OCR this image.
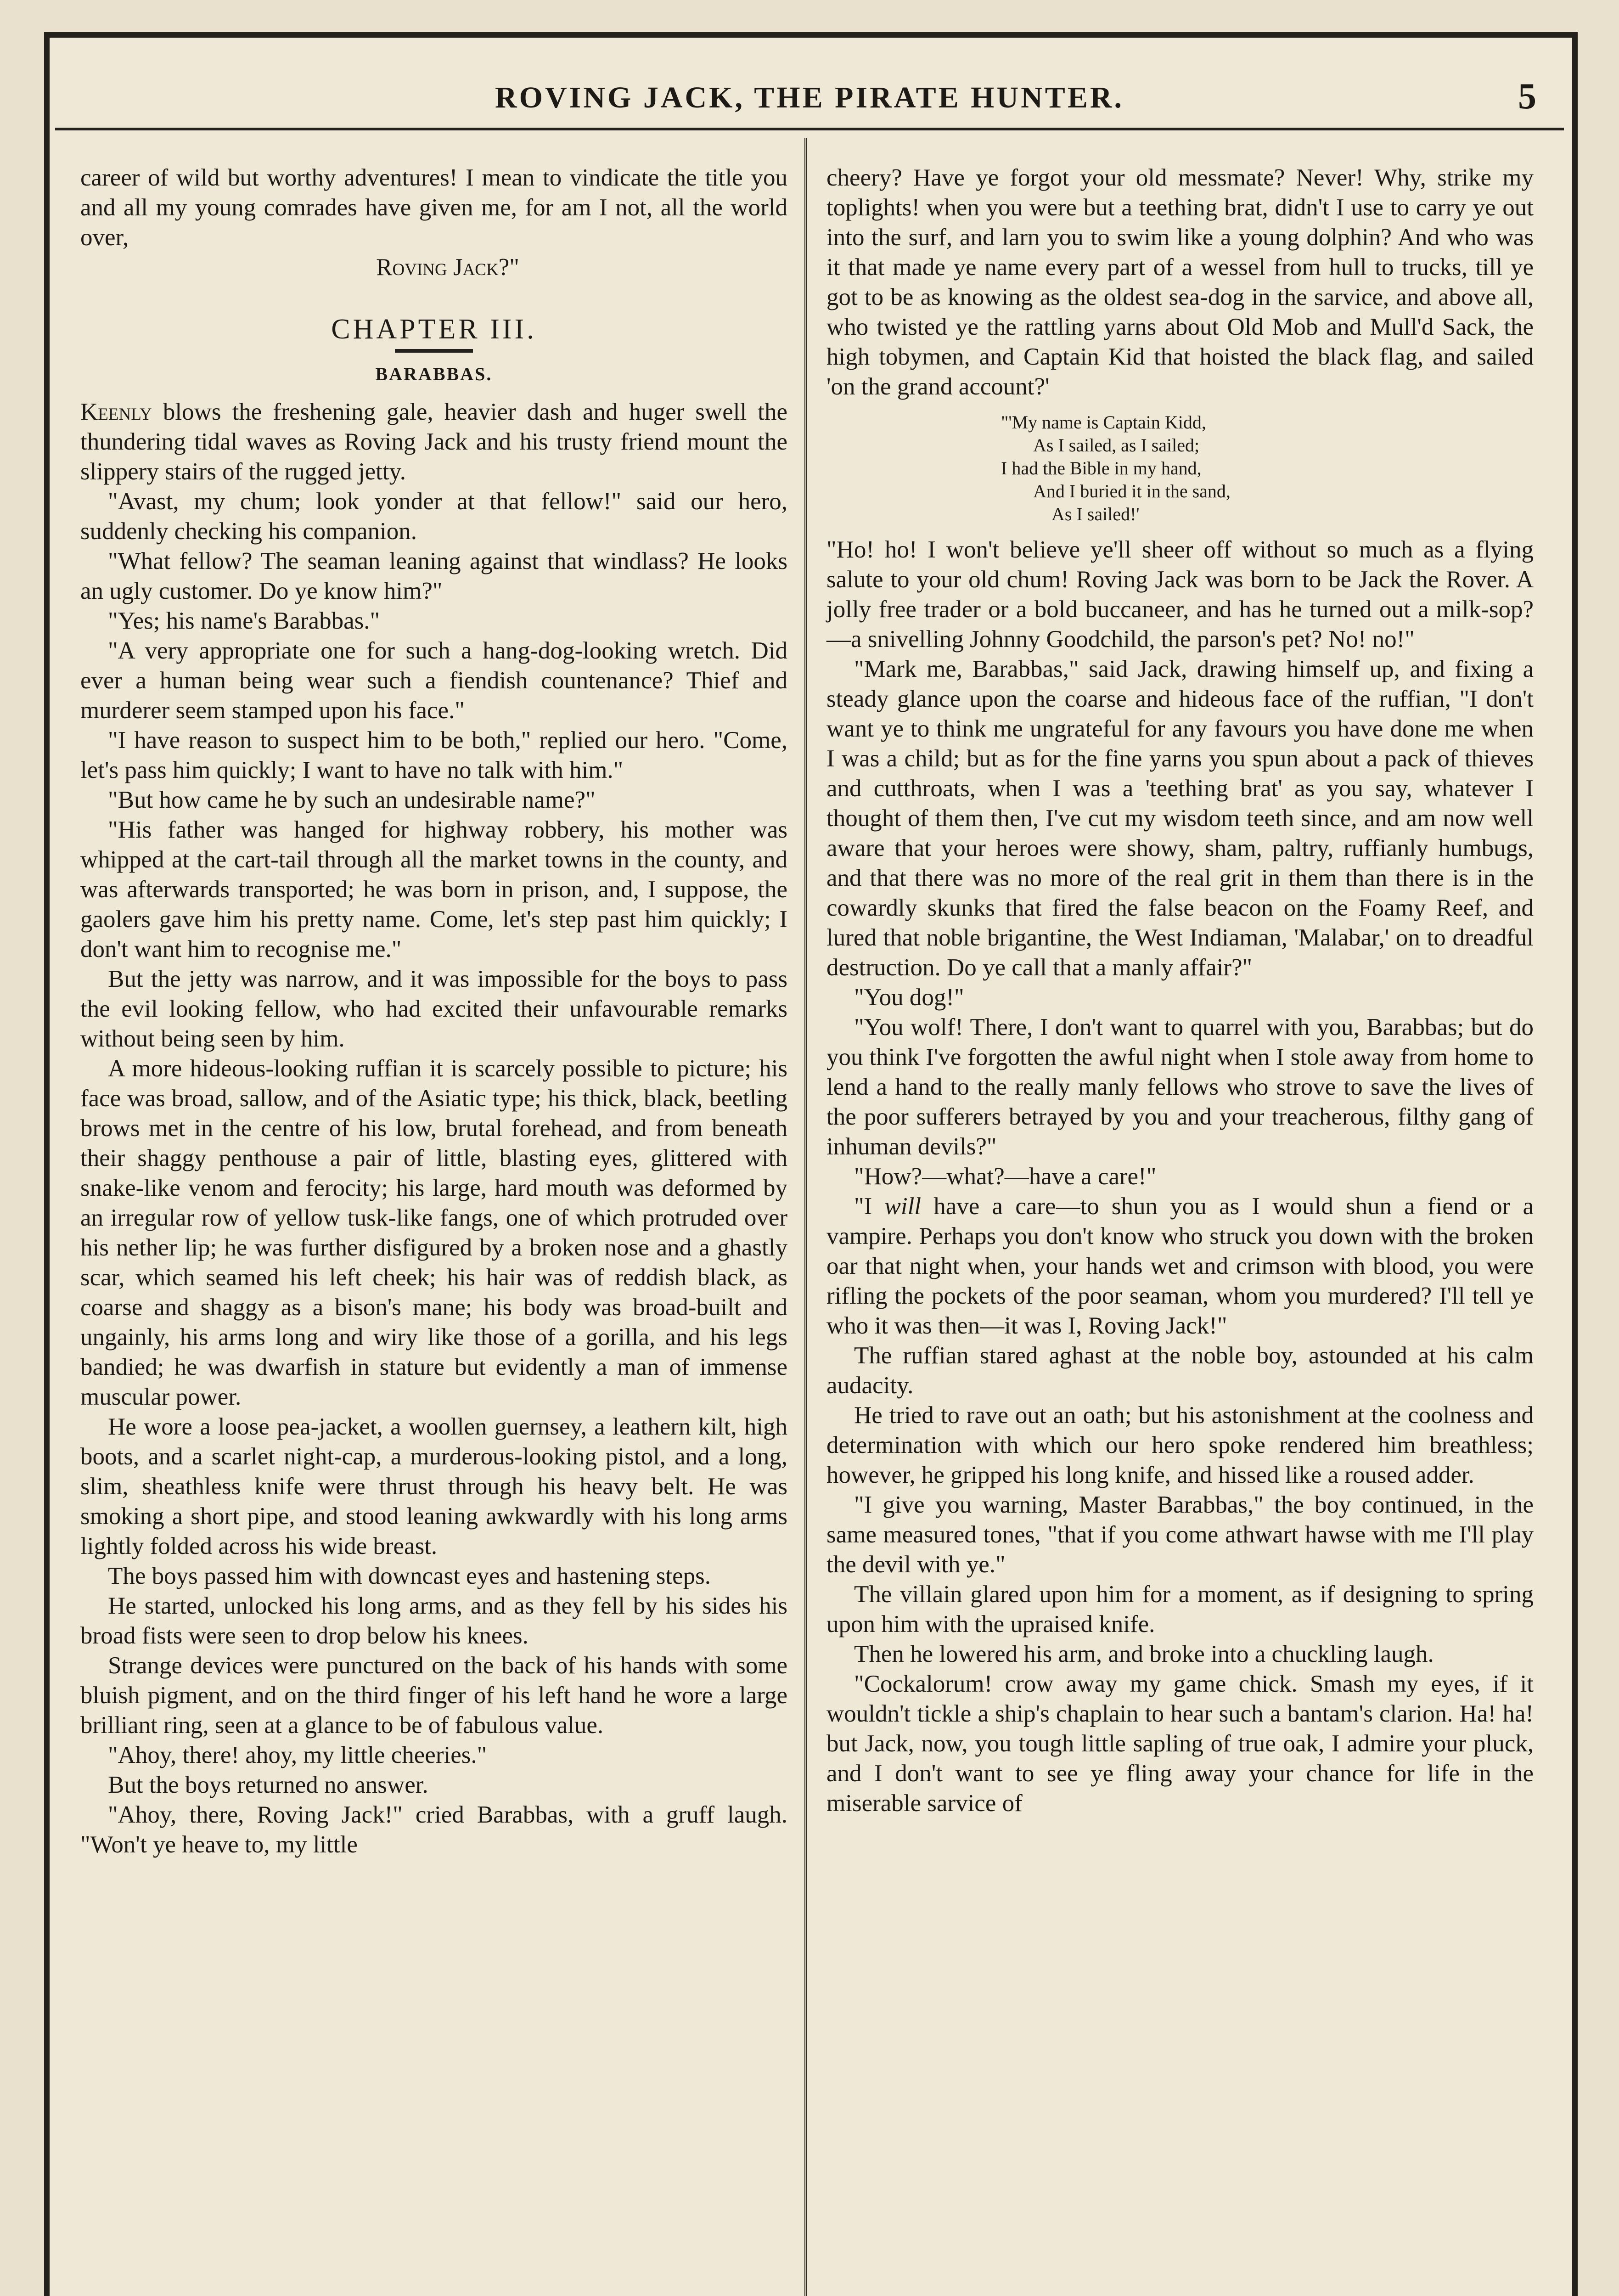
ROVING JACK, THE PIRATE HUNTER.	5

career of wild but worthy adventures! I mean to vindicate the title you and all my young comrades have given me, for am I not, all the world over,

Roving Jack?"

CHAPTER III.
BARABBAS.

Keenly blows the freshening gale, heavier dash and huger swell the thundering tidal waves as Roving Jack and his trusty friend mount the slippery stairs of the rugged jetty.

"Avast, my chum; look yonder at that fellow!" said our hero, suddenly checking his companion.

"What fellow? The seaman leaning against that windlass? He looks an ugly customer. Do ye know him?"

"Yes; his name's Barabbas."

"A very appropriate one for such a hang-dog-looking wretch. Did ever a human being wear such a fiendish countenance? Thief and murderer seem stamped upon his face."

"I have reason to suspect him to be both," replied our hero. "Come, let's pass him quickly; I want to have no talk with him."

"But how came he by such an undesirable name?"

"His father was hanged for highway robbery, his mother was whipped at the cart-tail through all the market towns in the county, and was afterwards transported; he was born in prison, and, I suppose, the gaolers gave him his pretty name. Come, let's step past him quickly; I don't want him to recognise me."

But the jetty was narrow, and it was impossible for the boys to pass the evil looking fellow, who had excited their unfavourable remarks without being seen by him.

A more hideous-looking ruffian it is scarcely possible to picture; his face was broad, sallow, and of the Asiatic type; his thick, black, beetling brows met in the centre of his low, brutal forehead, and from beneath their shaggy penthouse a pair of little, blasting eyes, glittered with snake-like venom and ferocity; his large, hard mouth was deformed by an irregular row of yellow tusk-like fangs, one of which protruded over his nether lip; he was further disfigured by a broken nose and a ghastly scar, which seamed his left cheek; his hair was of reddish black, as coarse and shaggy as a bison's mane; his body was broad-built and ungainly, his arms long and wiry like those of a gorilla, and his legs bandied; he was dwarfish in stature but evidently a man of immense muscular power.

He wore a loose pea-jacket, a woollen guernsey, a leathern kilt, high boots, and a scarlet night-cap, a murderous-looking pistol, and a long, slim, sheathless knife were thrust through his heavy belt. He was smoking a short pipe, and stood leaning awkwardly with his long arms lightly folded across his wide breast.

The boys passed him with downcast eyes and hastening steps.

He started, unlocked his long arms, and as they fell by his sides his broad fists were seen to drop below his knees.

Strange devices were punctured on the back of his hands with some bluish pigment, and on the third finger of his left hand he wore a large brilliant ring, seen at a glance to be of fabulous value.

"Ahoy, there! ahoy, my little cheeries."

But the boys returned no answer.

"Ahoy, there, Roving Jack!" cried Barabbas, with a gruff laugh. "Won't ye heave to, my little

cheery? Have ye forgot your old messmate? Never! Why, strike my toplights! when you were but a teething brat, didn't I use to carry ye out into the surf, and larn you to swim like a young dolphin? And who was it that made ye name every part of a wessel from hull to trucks, till ye got to be as knowing as the oldest sea-dog in the sarvice, and above all, who twisted ye the rattling yarns about Old Mob and Mull'd Sack, the high tobymen, and Captain Kid that hoisted the black flag, and sailed 'on the grand account?'

"'My name is Captain Kidd,
As I sailed, as I sailed;
I had the Bible in my hand,
And I buried it in the sand,
As I sailed!'

"Ho! ho! I won't believe ye'll sheer off without so much as a flying salute to your old chum! Roving Jack was born to be Jack the Rover. A jolly free trader or a bold buccaneer, and has he turned out a milk-sop?—a snivelling Johnny Goodchild, the parson's pet? No! no!"

"Mark me, Barabbas," said Jack, drawing himself up, and fixing a steady glance upon the coarse and hideous face of the ruffian, "I don't want ye to think me ungrateful for any favours you have done me when I was a child; but as for the fine yarns you spun about a pack of thieves and cutthroats, when I was a 'teething brat' as you say, whatever I thought of them then, I've cut my wisdom teeth since, and am now well aware that your heroes were showy, sham, paltry, ruffianly humbugs, and that there was no more of the real grit in them than there is in the cowardly skunks that fired the false beacon on the Foamy Reef, and lured that noble brigantine, the West Indiaman, 'Malabar,' on to dreadful destruction. Do ye call that a manly affair?"

"You dog!"

"You wolf! There, I don't want to quarrel with you, Barabbas; but do you think I've forgotten the awful night when I stole away from home to lend a hand to the really manly fellows who strove to save the lives of the poor sufferers betrayed by you and your treacherous, filthy gang of inhuman devils?"

"How?—what?—have a care!"

"I will have a care—to shun you as I would shun a fiend or a vampire. Perhaps you don't know who struck you down with the broken oar that night when, your hands wet and crimson with blood, you were rifling the pockets of the poor seaman, whom you murdered? I'll tell ye who it was then—it was I, Roving Jack!"

The ruffian stared aghast at the noble boy, astounded at his calm audacity.

He tried to rave out an oath; but his astonishment at the coolness and determination with which our hero spoke rendered him breathless; however, he gripped his long knife, and hissed like a roused adder.

"I give you warning, Master Barabbas," the boy continued, in the same measured tones, "that if you come athwart hawse with me I'll play the devil with ye."

The villain glared upon him for a moment, as if designing to spring upon him with the upraised knife.

Then he lowered his arm, and broke into a chuckling laugh.

"Cockalorum! crow away my game chick. Smash my eyes, if it wouldn't tickle a ship's chaplain to hear such a bantam's clarion. Ha! ha! but Jack, now, you tough little sapling of true oak, I admire your pluck, and I don't want to see ye fling away your chance for life in the miserable sarvice of
